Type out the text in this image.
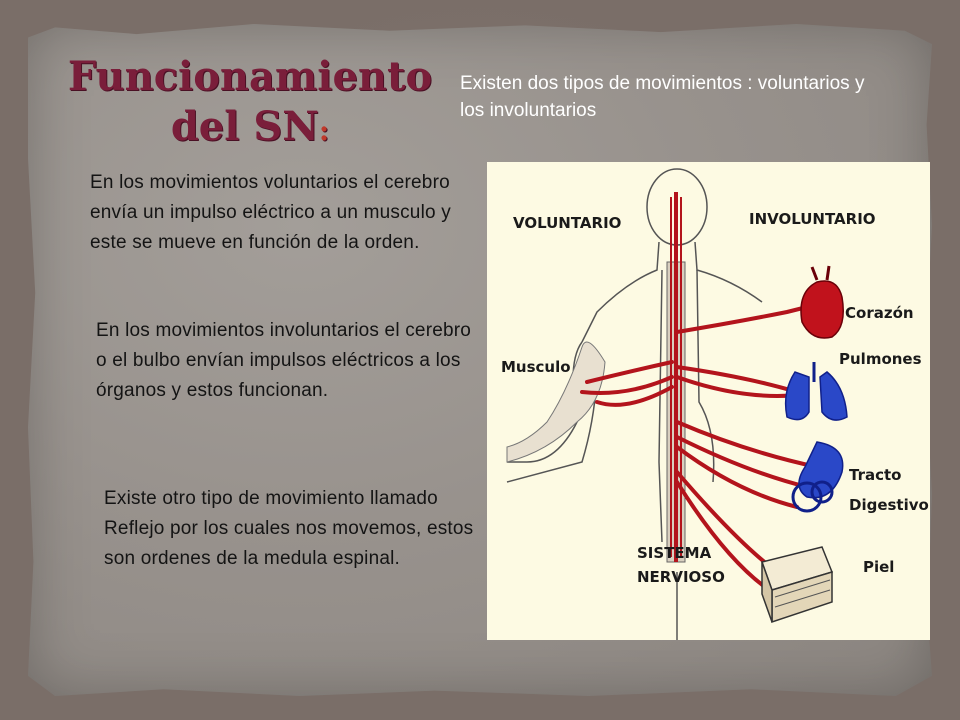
Funcionamiento
del SN:
Existen dos tipos de movimientos : voluntarios y los involuntarios
En los movimientos voluntarios el cerebro envía un impulso eléctrico a un musculo y este se mueve en función de la orden.
En los movimientos involuntarios el cerebro o el bulbo envían impulsos eléctricos a los órganos y estos funcionan.
Existe otro tipo de movimiento llamado Reflejo por los cuales nos movemos, estos son ordenes de la medula espinal.
VOLUNTARIO	INVOLUNTARIO
Musculo
Corazón
Pulmones
Tracto
Digestivo
SISTEMA
NERVIOSO
Piel
